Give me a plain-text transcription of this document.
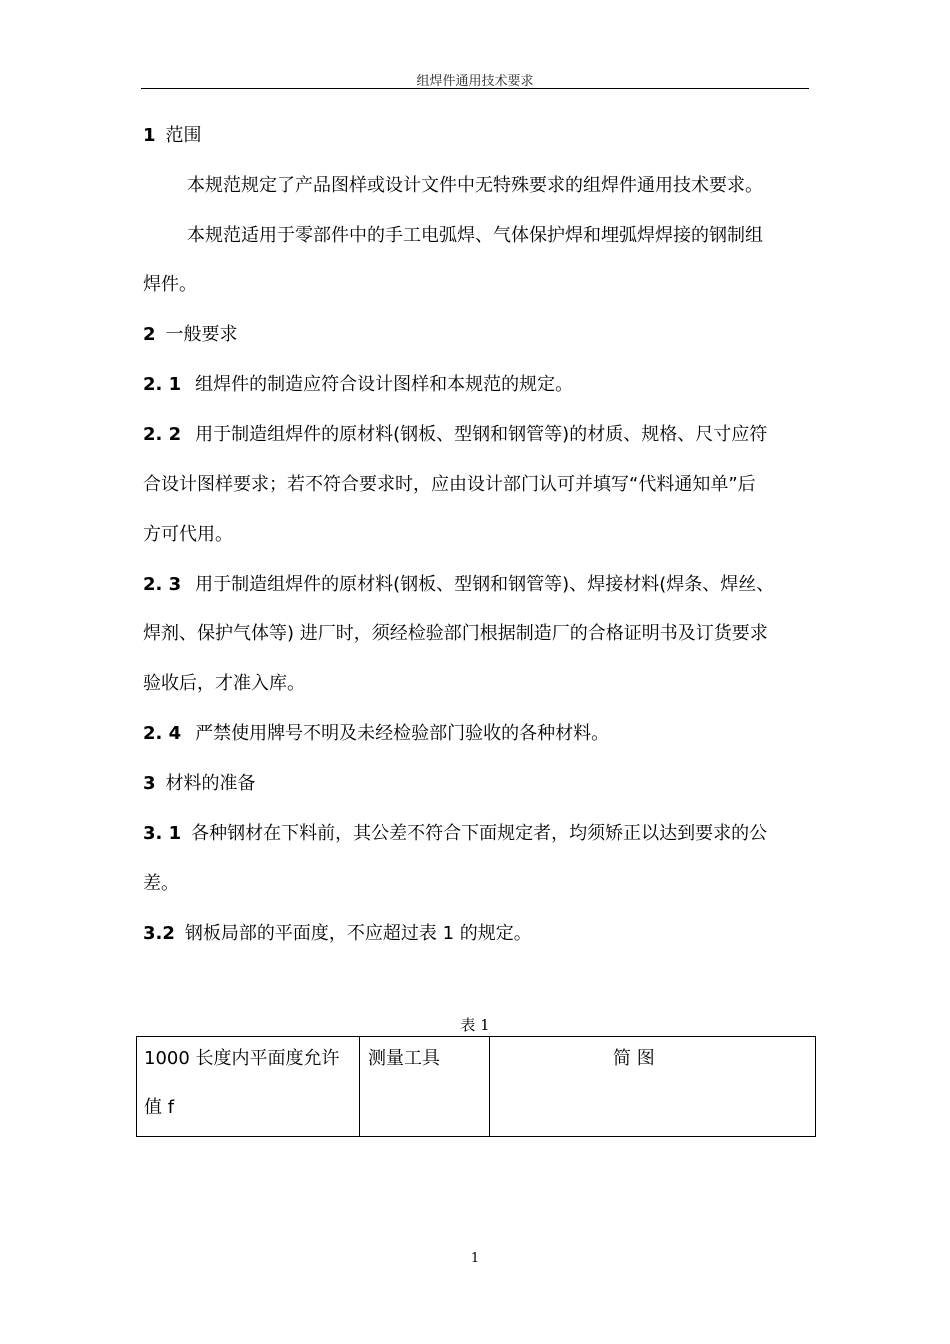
组焊件通用技术要求
1 范围
本规范规定了产品图样或设计文件中无特殊要求的组焊件通用技术要求。
本规范适用于零部件中的手工电弧焊、气体保护焊和埋弧焊焊接的钢制组
焊件。
2 一般要求
2. 1 组焊件的制造应符合设计图样和本规范的规定。
2. 2 用于制造组焊件的原材料(钢板、型钢和钢管等)的材质、规格、尺寸应符
合设计图样要求；若不符合要求时，应由设计部门认可并填写“代料通知单”后
方可代用。
2. 3 用于制造组焊件的原材料(钢板、型钢和钢管等)、焊接材料(焊条、焊丝、
焊剂、保护气体等) 进厂时，须经检验部门根据制造厂的合格证明书及订货要求
验收后，才准入库。
2. 4 严禁使用牌号不明及未经检验部门验收的各种材料。
3 材料的准备
3. 1 各种钢材在下料前，其公差不符合下面规定者，均须矫正以达到要求的公
差。
3.2 钢板局部的平面度，不应超过表 1 的规定。
表 1
1000 长度内平面度允许
值 f
测量工具	简 图
1
